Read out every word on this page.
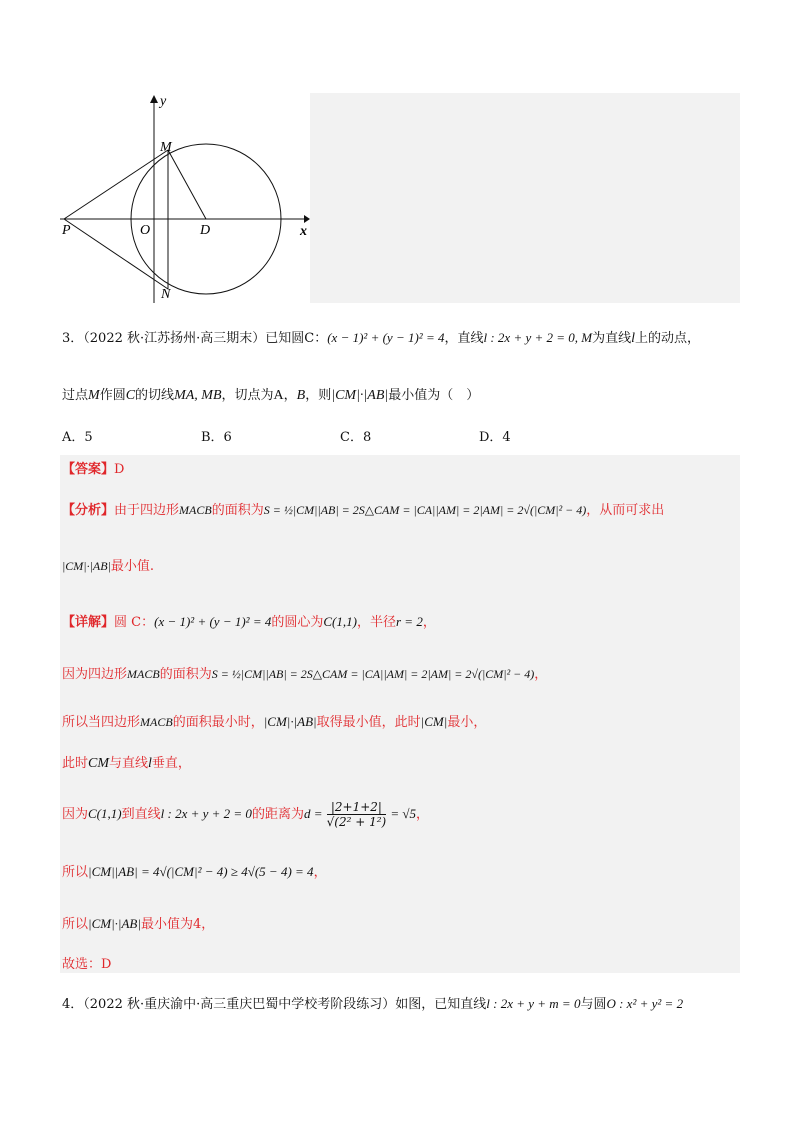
y
x
M
N
P	O	D
3．（2022 秋·江苏扬州·高三期末）已知圆C：(x − 1)² + (y − 1)² = 4，直线l : 2x + y + 2 = 0, M为直线l上的动点，
过点M作圆C的切线MA, MB，切点为A，B，则|CM|·|AB|最小值为（　）
A．5	B．6	C．8	D．4
【答案】D
【分析】由于四边形MACB的面积为S = ½|CM||AB| = 2S△CAM = |CA||AM| = 2|AM| = 2√(|CM|² − 4)，从而可求出
|CM|·|AB|最小值.
【详解】圆 C：(x − 1)² + (y − 1)² = 4的圆心为C(1,1)，半径r = 2，
因为四边形MACB的面积为S = ½|CM||AB| = 2S△CAM = |CA||AM| = 2|AM| = 2√(|CM|² − 4)，
所以当四边形MACB的面积最小时，|CM|·|AB|取得最小值，此时|CM|最小，
此时CM与直线l垂直，
因为C(1,1)到直线l : 2x + y + 2 = 0的距离为$d = \frac{|2+1+2|}{\text{√(2² + 1²)}} = √5$，
所以|CM||AB| = 4√(|CM|² − 4) ≥ 4√(5 − 4) = 4，
所以|CM|·|AB|最小值为4，
故选：D
4．（2022 秋·重庆渝中·高三重庆巴蜀中学校考阶段练习）如图，已知直线l : 2x + y + m = 0与圆O : x² + y² = 2
